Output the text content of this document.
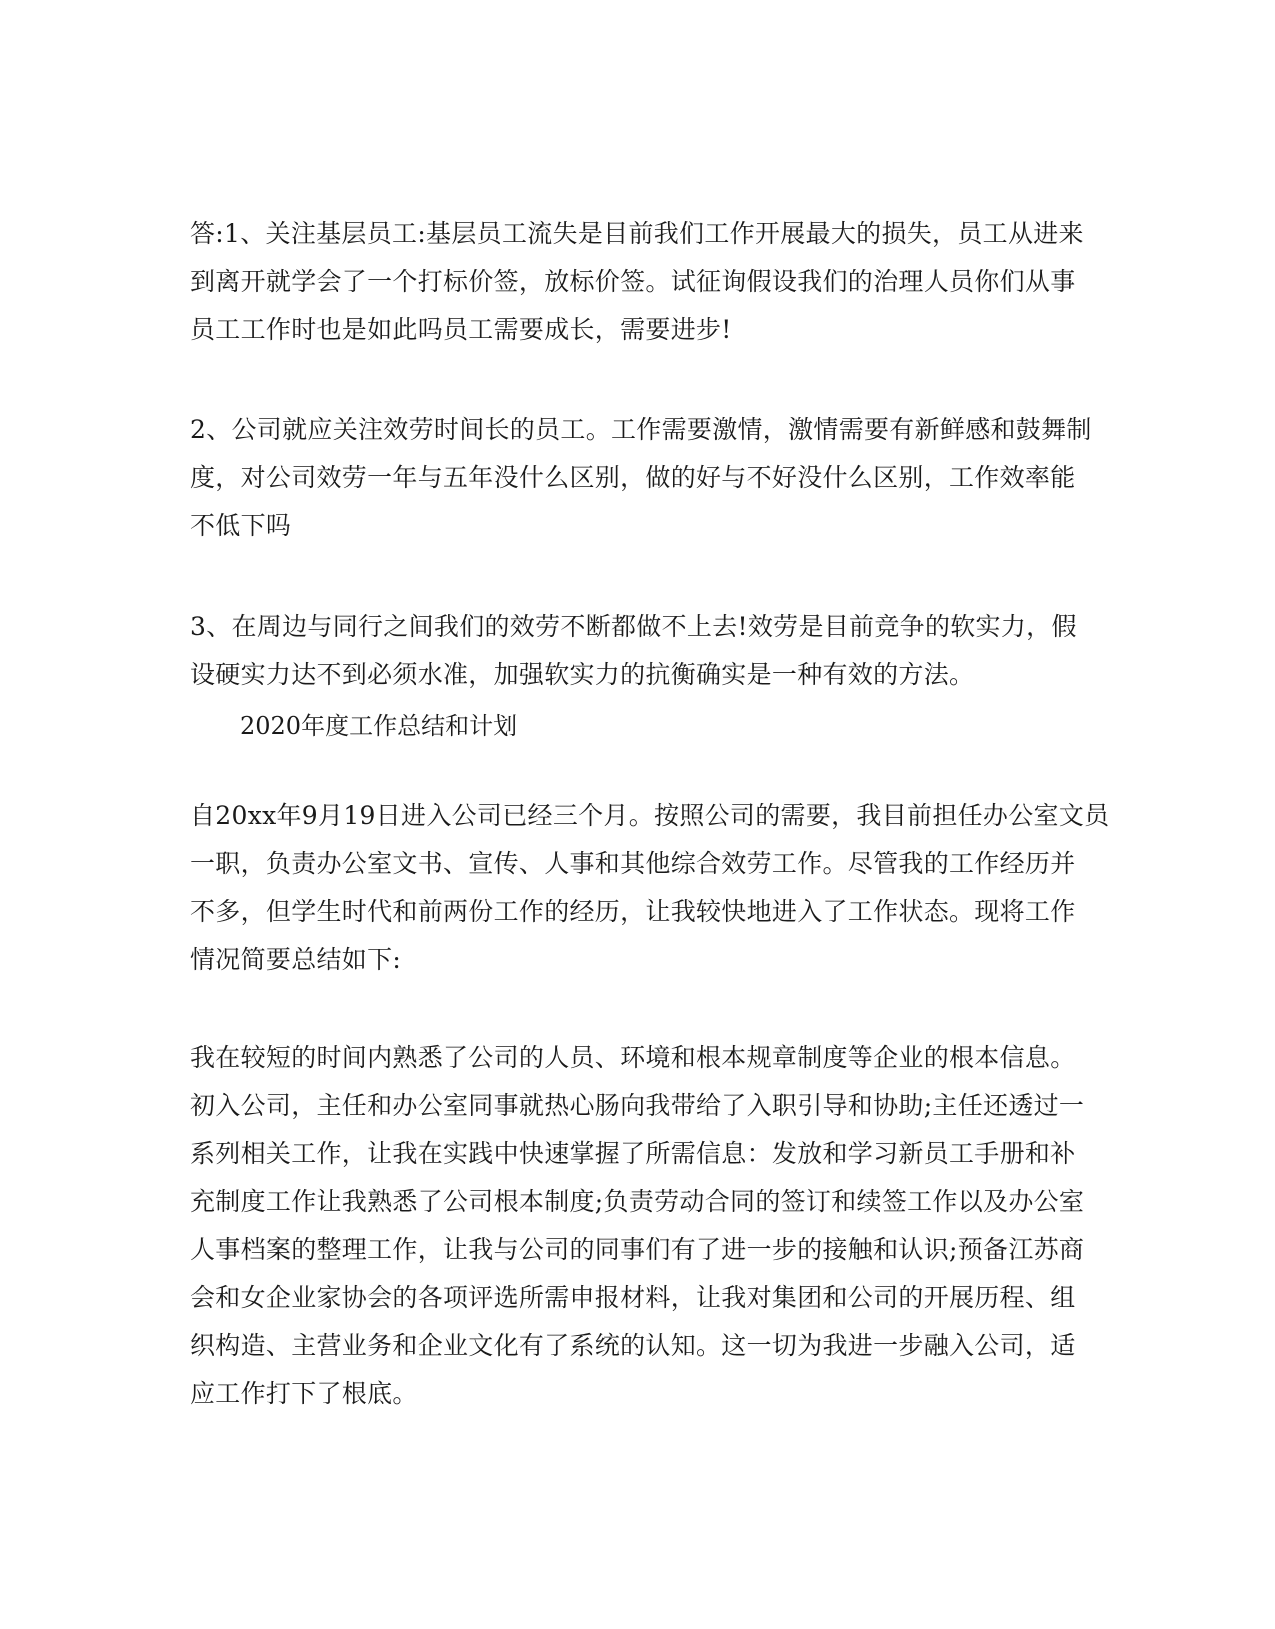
答:1、关注基层员工:基层员工流失是目前我们工作开展最大的损失，员工从进来
到离开就学会了一个打标价签，放标价签。试征询假设我们的治理人员你们从事
员工工作时也是如此吗员工需要成长，需要进步!

2、公司就应关注效劳时间长的员工。工作需要激情，激情需要有新鲜感和鼓舞制
度，对公司效劳一年与五年没什么区别，做的好与不好没什么区别，工作效率能
不低下吗

3、在周边与同行之间我们的效劳不断都做不上去!效劳是目前竞争的软实力，假
设硬实力达不到必须水准，加强软实力的抗衡确实是一种有效的方法。

2020年度工作总结和计划

自20xx年9月19日进入公司已经三个月。按照公司的需要，我目前担任办公室文员
一职，负责办公室文书、宣传、人事和其他综合效劳工作。尽管我的工作经历并
不多，但学生时代和前两份工作的经历，让我较快地进入了工作状态。现将工作
情况简要总结如下:

我在较短的时间内熟悉了公司的人员、环境和根本规章制度等企业的根本信息。
初入公司，主任和办公室同事就热心肠向我带给了入职引导和协助;主任还透过一
系列相关工作，让我在实践中快速掌握了所需信息：发放和学习新员工手册和补
充制度工作让我熟悉了公司根本制度;负责劳动合同的签订和续签工作以及办公室
人事档案的整理工作，让我与公司的同事们有了进一步的接触和认识;预备江苏商
会和女企业家协会的各项评选所需申报材料，让我对集团和公司的开展历程、组
织构造、主营业务和企业文化有了系统的认知。这一切为我进一步融入公司，适
应工作打下了根底。
